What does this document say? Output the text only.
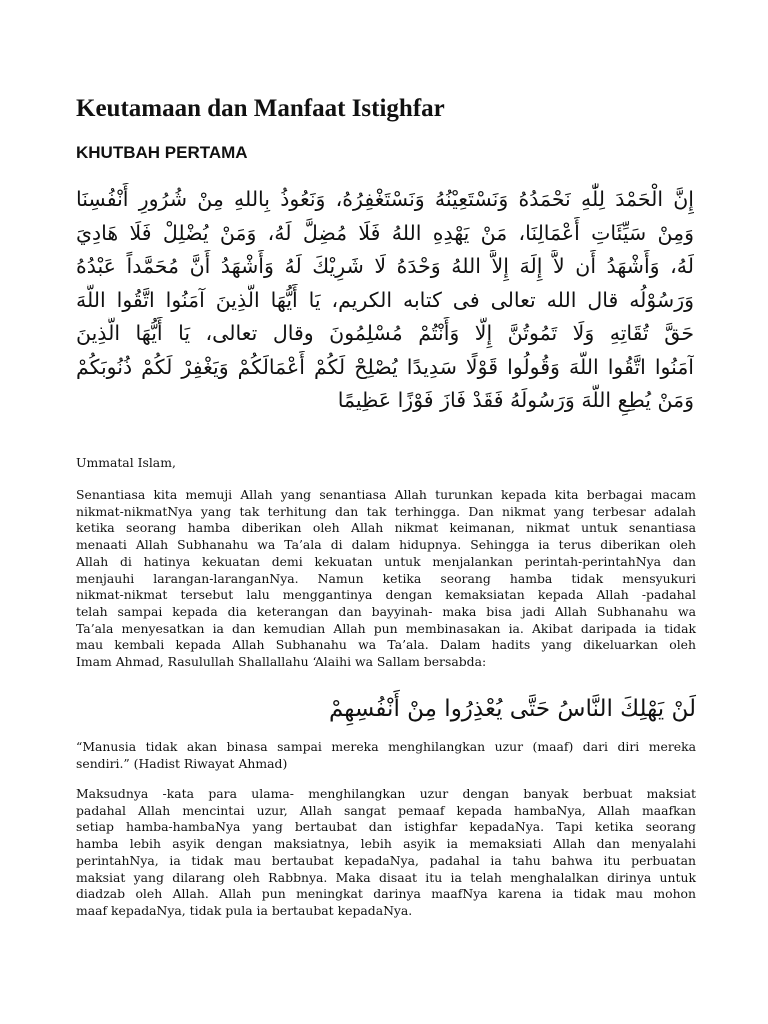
Keutamaan dan Manfaat Istighfar
KHUTBAH PERTAMA
إِنَّ الْحَمْدَ لِلّٰهِ نَحْمَدُهُ وَنَسْتَعِيْنُهُ وَنَسْتَغْفِرُهُ، وَنَعُوذُ بِاللهِ مِنْ شُرُورِ أَنْفُسِنَا
وَمِنْ سَيِّئَاتِ أَعْمَالِنَا، مَنْ يَهْدِهِ اللهُ فَلَا مُضِلَّ لَهُ، وَمَنْ يُضْلِلْ فَلَا هَادِيَ
لَهُ، وَأَشْهَدُ أَن لاَّ إِلَهَ إِلاَّ اللهُ وَحْدَهُ لَا شَرِيْكَ لَهُ وَأَشْهَدُ أَنَّ مُحَمَّداً عَبْدُهُ
وَرَسُوْلُه قال الله تعالى فى كتابه الكريم، يَا أَيُّهَا الَّذِينَ آمَنُوا اتَّقُوا اللَّهَ
حَقَّ تُقَاتِهِ وَلَا تَمُوتُنَّ إِلَّا وَأَنْتُمْ مُسْلِمُونَ وقال تعالى، يَا أَيُّهَا الَّذِينَ
آمَنُوا اتَّقُوا اللَّهَ وَقُولُوا قَوْلًا سَدِيدًا يُصْلِحْ لَكُمْ أَعْمَالَكُمْ وَيَغْفِرْ لَكُمْ ذُنُوبَكُمْ
وَمَنْ يُطِعِ اللَّهَ وَرَسُولَهُ فَقَدْ فَازَ فَوْزًا عَظِيمًا

Ummatal Islam,

Senantiasa kita memuji Allah yang senantiasa Allah turunkan kepada kita berbagai macam
nikmat-nikmatNya yang tak terhitung dan tak terhingga. Dan nikmat yang terbesar adalah
ketika seorang hamba diberikan oleh Allah nikmat keimanan, nikmat untuk senantiasa
menaati Allah Subhanahu wa Ta’ala di dalam hidupnya. Sehingga ia terus diberikan oleh
Allah di hatinya kekuatan demi kekuatan untuk menjalankan perintah-perintahNya dan
menjauhi larangan-laranganNya. Namun ketika seorang hamba tidak mensyukuri
nikmat-nikmat tersebut lalu menggantinya dengan kemaksiatan kepada Allah -padahal
telah sampai kepada dia keterangan dan bayyinah- maka bisa jadi Allah Subhanahu wa
Ta’ala menyesatkan ia dan kemudian Allah pun membinasakan ia. Akibat daripada ia tidak
mau kembali kepada Allah Subhanahu wa Ta’ala. Dalam hadits yang dikeluarkan oleh
Imam Ahmad, Rasulullah Shallallahu ‘Alaihi wa Sallam bersabda:
لَنْ يَهْلِكَ النَّاسُ حَتَّى يُعْذِرُوا مِنْ أَنْفُسِهِمْ
“Manusia tidak akan binasa sampai mereka menghilangkan uzur (maaf) dari diri mereka
sendiri.” (Hadist Riwayat Ahmad)
Maksudnya -kata para ulama- menghilangkan uzur dengan banyak berbuat maksiat
padahal Allah mencintai uzur, Allah sangat pemaaf kepada hambaNya, Allah maafkan
setiap hamba-hambaNya yang bertaubat dan istighfar kepadaNya. Tapi ketika seorang
hamba lebih asyik dengan maksiatnya, lebih asyik ia memaksiati Allah dan menyalahi
perintahNya, ia tidak mau bertaubat kepadaNya, padahal ia tahu bahwa itu perbuatan
maksiat yang dilarang oleh Rabbnya. Maka disaat itu ia telah menghalalkan dirinya untuk
diadzab oleh Allah. Allah pun meningkat darinya maafNya karena ia tidak mau mohon
maaf kepadaNya, tidak pula ia bertaubat kepadaNya.
